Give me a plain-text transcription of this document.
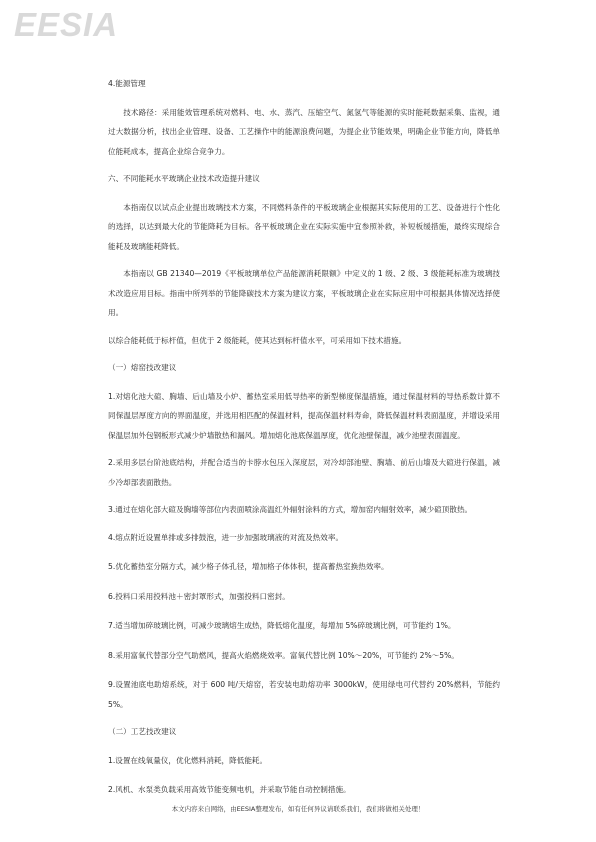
EESIA

4.能源管理

技术路径：采用能效管理系统对燃料、电、水、蒸汽、压缩空气、氮氢气等能源的实时能耗数据采集、监视，通过大数据分析，找出企业管理、设备、工艺操作中的能源浪费问题，为提企业节能效果，明确企业节能方向，降低单位能耗成本，提高企业综合竞争力。

六、不同能耗水平玻璃企业技术改造提升建议

本指南仅以试点企业提出玻璃技术方案，不同燃料条件的平板玻璃企业根据其实际使用的工艺、设备进行个性化的选择，以达到最大化的节能降耗为目标。各平板玻璃企业在实际实施中宜参照补救，补短板缓措施，最终实现综合能耗及玻璃能耗降低。

本指南以 GB 21340—2019《平板玻璃单位产品能源消耗限额》中定义的 1 级、2 级、3 级能耗标准为玻璃技术改造应用目标。指南中所列举的节能降碳技术方案为建议方案，平板玻璃企业在实际应用中可根据具体情况选择使用。

以综合能耗低于标杆值，但优于 2 级能耗，使其达到标杆值水平，可采用如下技术措施。

（一）熔窑技改建议

1.对熔化池大碹、胸墙、后山墙及小炉、蓄热室采用低导热率的新型梯度保温措施，通过保温材料的导热系数计算不同保温层厚度方向的界面温度，并选用相匹配的保温材料，提高保温材料寿命，降低保温材料表面温度，并增设采用保温层加外包钢板形式减少炉墙散热和漏风。增加熔化池底保温厚度，优化池壁保温，减少池壁表面温度。

2.采用多层台阶池底结构，并配合适当的卡脖水包压入深度层，对冷却部池壁、胸墙、前后山墙及大碹进行保温，减少冷却部表面散热。

3.通过在熔化部大碹及胸墙等部位内表面喷涂高温红外辐射涂料的方式，增加窑内辐射效率，减少碹顶散热。

4.熔点附近设置单排或多排鼓泡，进一步加强玻璃液的对流及热效率。

5.优化蓄热室分隔方式，减少格子体孔径，增加格子体体积，提高蓄热室换热效率。

6.投料口采用投料池＋密封罩形式，加强投料口密封。

7.适当增加碎玻璃比例，可减少玻璃熔生成热，降低熔化温度，每增加 5%碎玻璃比例，可节能约 1%。

8.采用富氧代替部分空气助燃风，提高火焰燃烧效率。富氧代替比例 10%～20%，可节能约 2%～5%。

9.设置池底电助熔系统，对于 600 吨/天熔窑，若安装电助熔功率 3000kW，使用绿电可代替约 20%燃料，节能约 5%。

（二）工艺技改建议

1.设置在线氧量仪，优化燃料消耗，降低能耗。

2.风机、水泵类负载采用高效节能变频电机，并采取节能自动控制措施。

本文内容来自网络，由EESIA整理发布，如有任何异议请联系我们，我们将做相关处理！
